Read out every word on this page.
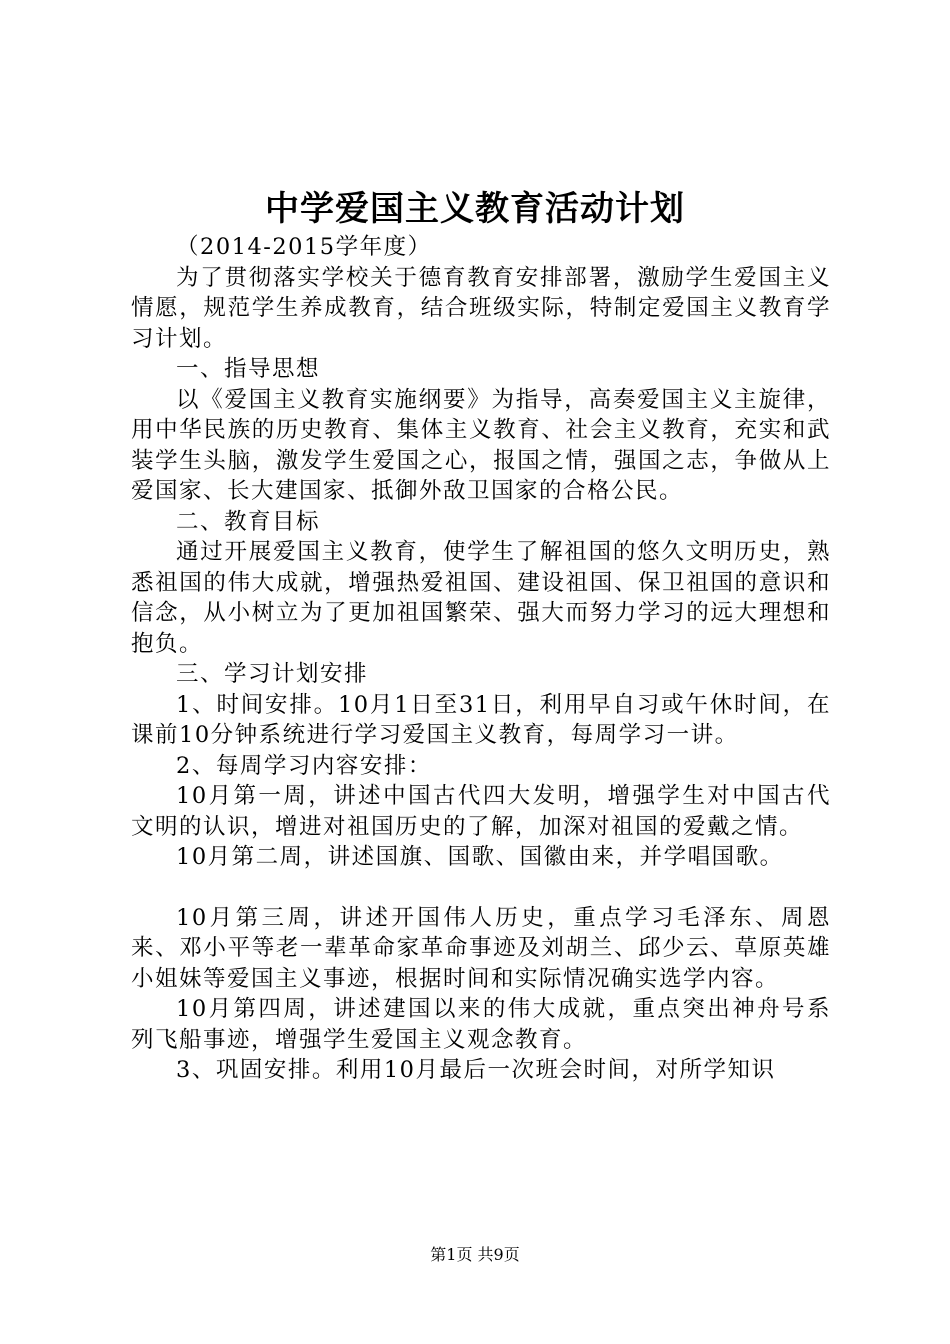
中学爱国主义教育活动计划

（2014-2015学年度）

为了贯彻落实学校关于德育教育安排部署，激励学生爱国主义情愿，规范学生养成教育，结合班级实际，特制定爱国主义教育学习计划。

一、指导思想

以《爱国主义教育实施纲要》为指导，高奏爱国主义主旋律，用中华民族的历史教育、集体主义教育、社会主义教育，充实和武装学生头脑，激发学生爱国之心，报国之情，强国之志，争做从上爱国家、长大建国家、抵御外敌卫国家的合格公民。

二、教育目标

通过开展爱国主义教育，使学生了解祖国的悠久文明历史，熟悉祖国的伟大成就，增强热爱祖国、建设祖国、保卫祖国的意识和信念，从小树立为了更加祖国繁荣、强大而努力学习的远大理想和抱负。

三、学习计划安排

1、时间安排。10月1日至31日，利用早自习或午休时间，在课前10分钟系统进行学习爱国主义教育，每周学习一讲。

2、每周学习内容安排：

10月第一周，讲述中国古代四大发明，增强学生对中国古代文明的认识，增进对祖国历史的了解，加深对祖国的爱戴之情。

10月第二周，讲述国旗、国歌、国徽由来，并学唱国歌。

10月第三周，讲述开国伟人历史，重点学习毛泽东、周恩来、邓小平等老一辈革命家革命事迹及刘胡兰、邱少云、草原英雄小姐妹等爱国主义事迹，根据时间和实际情况确实选学内容。

10月第四周，讲述建国以来的伟大成就，重点突出神舟号系列飞船事迹，增强学生爱国主义观念教育。

3、巩固安排。利用10月最后一次班会时间，对所学知识

第1页 共9页
